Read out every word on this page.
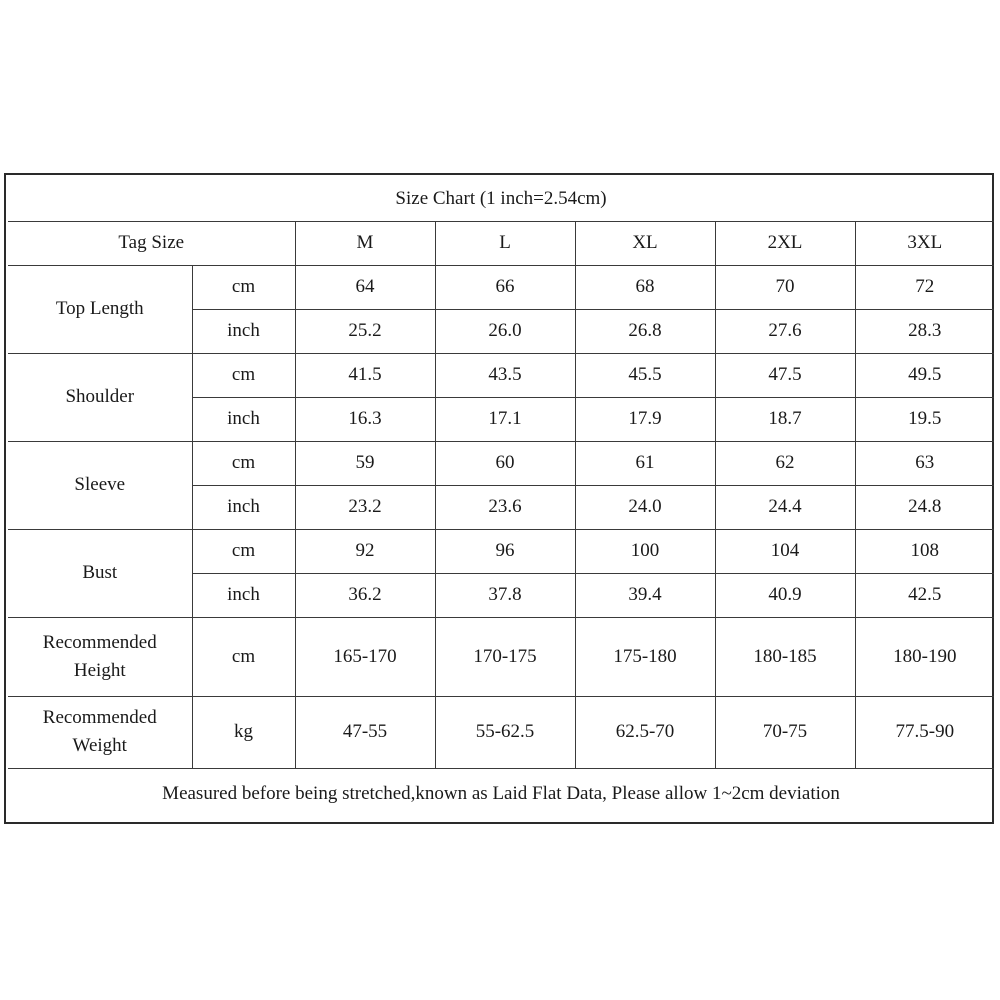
Size Chart (1 inch=2.54cm)						
Tag Size		M	L	XL	2XL	3XL
Top Length	cm	64	66	68	70	72
	inch	25.2	26.0	26.8	27.6	28.3
Shoulder	cm	41.5	43.5	45.5	47.5	49.5
	inch	16.3	17.1	17.9	18.7	19.5
Sleeve	cm	59	60	61	62	63
	inch	23.2	23.6	24.0	24.4	24.8
Bust	cm	92	96	100	104	108
	inch	36.2	37.8	39.4	40.9	42.5
Recommended
Height	cm	165-170	170-175	175-180	180-185	180-190
Recommended
Weight	kg	47-55	55-62.5	62.5-70	70-75	77.5-90
Measured before being stretched,known as Laid Flat Data, Please allow 1~2cm deviation						
